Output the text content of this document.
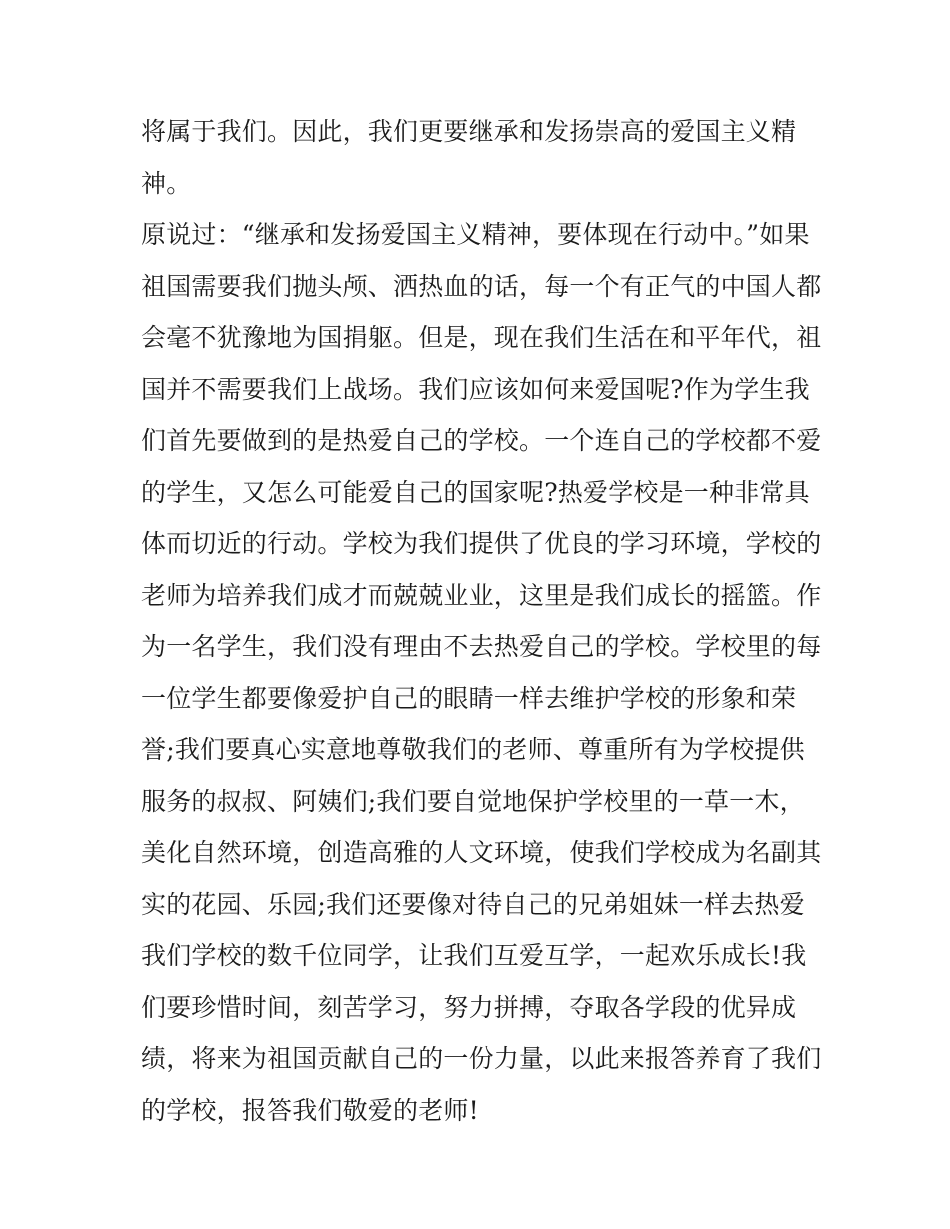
将属于我们。因此，我们更要继承和发扬崇高的爱国主义精
神。
原说过：“继承和发扬爱国主义精神，要体现在行动中。”如果
祖国需要我们抛头颅、洒热血的话，每一个有正气的中国人都
会毫不犹豫地为国捐躯。但是，现在我们生活在和平年代，祖
国并不需要我们上战场。我们应该如何来爱国呢?作为学生我
们首先要做到的是热爱自己的学校。一个连自己的学校都不爱
的学生，又怎么可能爱自己的国家呢?热爱学校是一种非常具
体而切近的行动。学校为我们提供了优良的学习环境，学校的
老师为培养我们成才而兢兢业业，这里是我们成长的摇篮。作
为一名学生，我们没有理由不去热爱自己的学校。学校里的每
一位学生都要像爱护自己的眼睛一样去维护学校的形象和荣
誉;我们要真心实意地尊敬我们的老师、尊重所有为学校提供
服务的叔叔、阿姨们;我们要自觉地保护学校里的一草一木，
美化自然环境，创造高雅的人文环境，使我们学校成为名副其
实的花园、乐园;我们还要像对待自己的兄弟姐妹一样去热爱
我们学校的数千位同学，让我们互爱互学，一起欢乐成长!我
们要珍惜时间，刻苦学习，努力拼搏，夺取各学段的优异成
绩，将来为祖国贡献自己的一份力量，以此来报答养育了我们
的学校，报答我们敬爱的老师!
